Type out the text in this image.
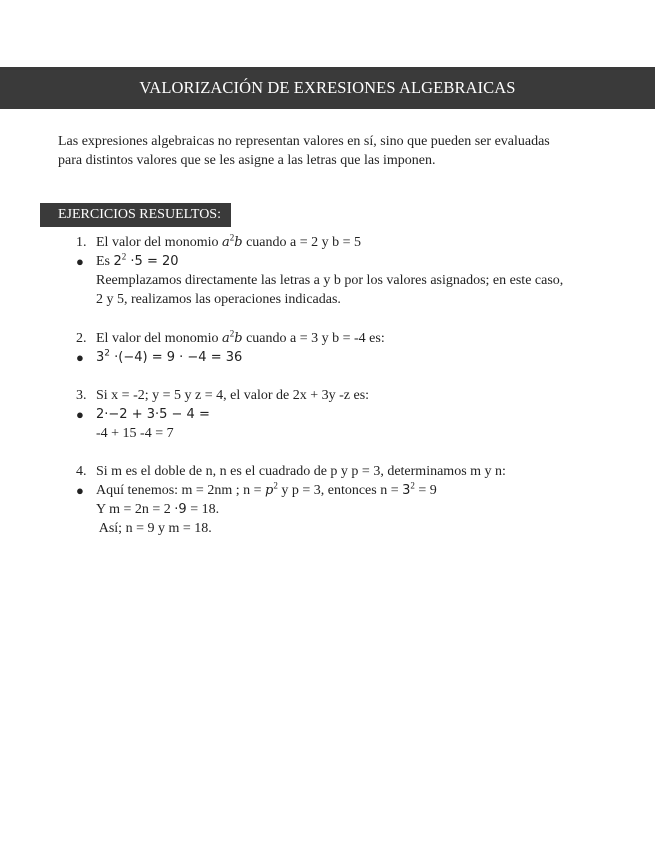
VALORIZACIÓN DE EXRESIONES ALGEBRAICAS
Las expresiones algebraicas no representan valores en sí, sino que pueden ser evaluadas
para distintos valores que se les asigne a las letras que las imponen.
EJERCICIOS RESUELTOS:
1. El valor del monomio $a^2b$ cuando a = 2 y b = 5
● Es $2^2 \cdot 5 = 20$
Reemplazamos directamente las letras a y b por los valores asignados; en este caso,
2 y 5, realizamos las operaciones indicadas.
2. El valor del monomio $a^2b$ cuando a = 3 y b = -4 es:
● $3^2 \cdot(-4) = 9 \cdot -4 = 36$
3. Si x = -2; y = 5 y z = 4, el valor de 2x + 3y -z es:
● 2·−2 + 3·5 − 4 =
-4 + 15 -4 = 7
4. Si m es el doble de n, n es el cuadrado de p y p = 3, determinamos m y n:
● Aquí tenemos: m = 2nm ; $n = p^2$ y p = 3, entonces $n = 3^2 = 9$
Y m = 2n = 2 ·9 = 18.
Así; n = 9 y m = 18.
